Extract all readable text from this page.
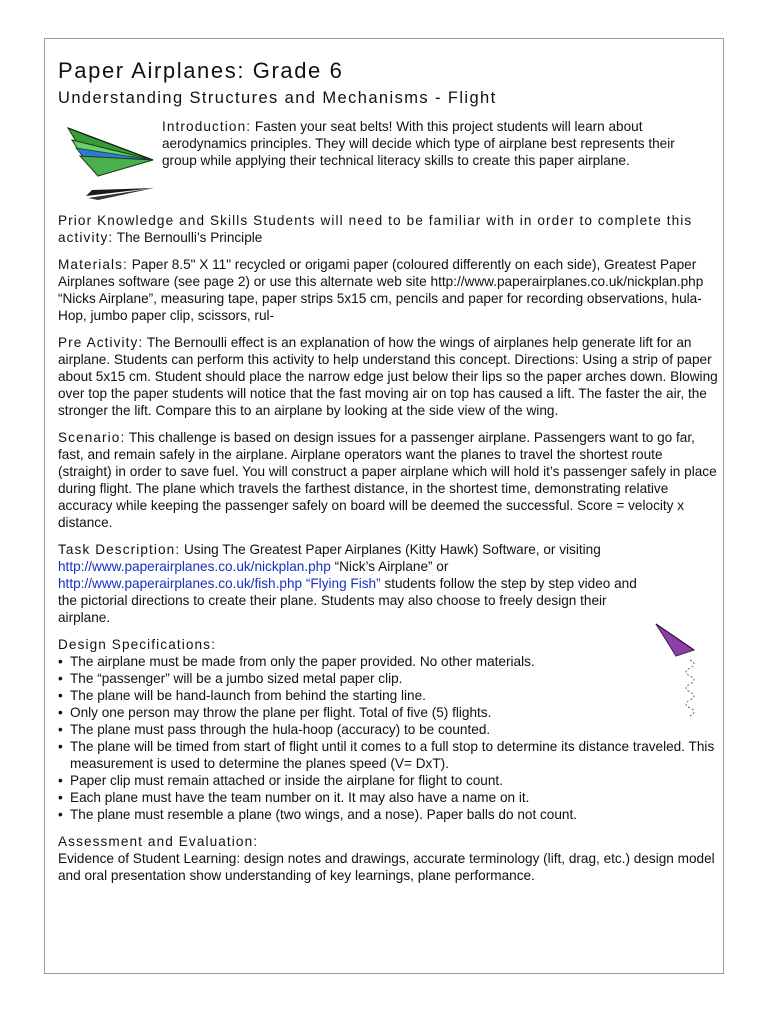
Paper Airplanes: Grade 6
Understanding Structures and Mechanisms - Flight
Introduction: Fasten your seat belts! With this project students will learn about aerodynamics principles. They will decide which type of airplane best represents their group while applying their technical literacy skills to create this paper airplane.

Prior Knowledge and Skills Students will need to be familiar with in order to complete this activity: The Bernoulli’s Principle

Materials: Paper 8.5" X 11" recycled or origami paper (coloured differently on each side), Greatest Paper Airplanes software (see page 2) or use this alternate web site http://www.paperairplanes.co.uk/nickplan.php “Nicks Airplane”, measuring tape, paper strips 5x15 cm, pencils and paper for recording observations, hula-Hop, jumbo paper clip, scissors, rul-

Pre Activity: The Bernoulli effect is an explanation of how the wings of airplanes help generate lift for an airplane. Students can perform this activity to help understand this concept. Directions: Using a strip of paper about 5x15 cm. Student should place the narrow edge just below their lips so the paper arches down. Blowing over top the paper students will notice that the fast moving air on top has caused a lift. The faster the air, the stronger the lift. Compare this to an airplane by looking at the side view of the wing.

Scenario: This challenge is based on design issues for a passenger airplane. Passengers want to go far, fast, and remain safely in the airplane. Airplane operators want the planes to travel the shortest route (straight) in order to save fuel. You will construct a paper airplane which will hold it’s passenger safely in place during flight. The plane which travels the farthest distance, in the shortest time, demonstrating relative accuracy while keeping the passenger safely on board will be deemed the successful. Score = velocity x distance.

Task Description: Using The Greatest Paper Airplanes (Kitty Hawk) Software, or visiting http://www.paperairplanes.co.uk/nickplan.php “Nick’s Airplane” or http://www.paperairplanes.co.uk/fish.php “Flying Fish” students follow the step by step video and the pictorial directions to create their plane. Students may also choose to freely design their airplane.

Design Specifications:
• The airplane must be made from only the paper provided. No other materials.
• The “passenger” will be a jumbo sized metal paper clip.
• The plane will be hand-launch from behind the starting line.
• Only one person may throw the plane per flight. Total of five (5) flights.
• The plane must pass through the hula-hoop (accuracy) to be counted.
• The plane will be timed from start of flight until it comes to a full stop to determine its distance traveled. This measurement is used to determine the planes speed (V= DxT).
• Paper clip must remain attached or inside the airplane for flight to count.
• Each plane must have the team number on it. It may also have a name on it.
• The plane must resemble a plane (two wings, and a nose). Paper balls do not count.
Assessment and Evaluation:
Evidence of Student Learning: design notes and drawings, accurate terminology (lift, drag, etc.) design model and oral presentation show understanding of key learnings, plane performance.
